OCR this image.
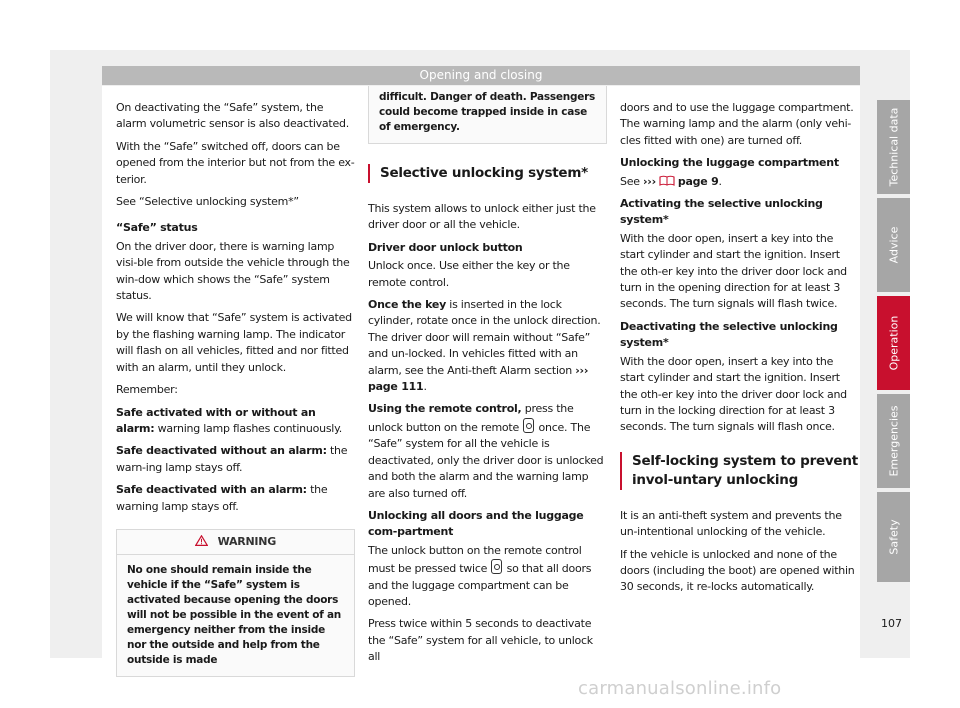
Opening and closing

On deactivating the “Safe” system, the alarm volumetric sensor is also deactivated.

With the “Safe” switched off, doors can be opened from the interior but not from the ex-terior.

See “Selective unlocking system*”

“Safe” status

On the driver door, there is warning lamp visi-ble from outside the vehicle through the win-dow which shows the “Safe” system status.

We will know that “Safe” system is activated by the flashing warning lamp. The indicator will flash on all vehicles, fitted and nor fitted with an alarm, until they unlock.

Remember:

Safe activated with or without an alarm: warning lamp flashes continuously.

Safe deactivated without an alarm: the warn-ing lamp stays off.

Safe deactivated with an alarm: the warning lamp stays off.

WARNING
No one should remain inside the vehicle if the “Safe” system is activated because opening the doors will not be possible in the event of an emergency neither from the inside nor the outside and help from the outside is made
difficult. Danger of death. Passengers could become trapped inside in case of emergency.
Selective unlocking system*

This system allows to unlock either just the driver door or all the vehicle.

Driver door unlock button

Unlock once. Use either the key or the remote control.

Once the key is inserted in the lock cylinder, rotate once in the unlock direction. The driver door will remain without “Safe” and un-locked. In vehicles fitted with an alarm, see the Anti-theft Alarm section ››› page 111.

Using the remote control, press the unlock button on the remote  once. The “Safe” system for all the vehicle is deactivated, only the driver door is unlocked and both the alarm and the warning lamp are also turned off.

Unlocking all doors and the luggage com-partment

The unlock button on the remote control must be pressed twice  so that all doors and the luggage compartment can be opened.

Press twice within 5 seconds to deactivate the “Safe” system for all vehicle, to unlock all

doors and to use the luggage compartment. The warning lamp and the alarm (only vehi-cles fitted with one) are turned off.

Unlocking the luggage compartment

See ››› page 9.

Activating the selective unlocking system*

With the door open, insert a key into the start cylinder and start the ignition. Insert the oth-er key into the driver door lock and turn in the opening direction for at least 3 seconds. The turn signals will flash twice.

Deactivating the selective unlocking system*

With the door open, insert a key into the start cylinder and start the ignition. Insert the oth-er key into the driver door lock and turn in the locking direction for at least 3 seconds. The turn signals will flash once.

Self-locking system to prevent invol-untary unlocking

It is an anti-theft system and prevents the un-intentional unlocking of the vehicle.

If the vehicle is unlocked and none of the doors (including the boot) are opened within 30 seconds, it re-locks automatically.

Technical data
Advice
Operation
Emergencies
Safety
107
carmanualsonline.info
